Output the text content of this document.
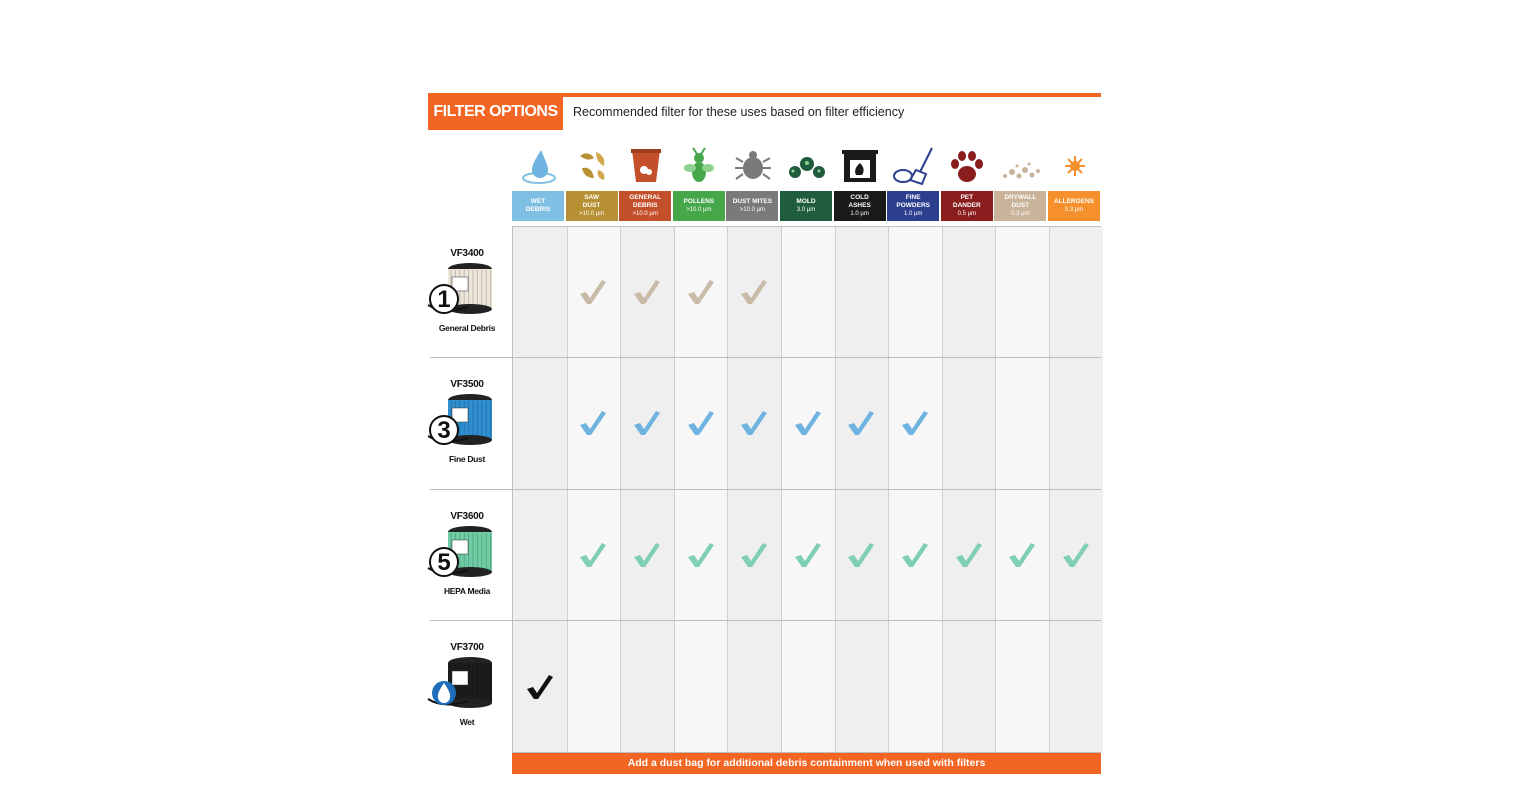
FILTER OPTIONS	Recommended filter for these uses based on filter efficiency
WET
DEBRIS
SAW
DUST
>10.0 µm
GENERAL
DEBRIS
>10.0 µm
POLLENS
>10.0 µm
DUST MITES
>10.0 µm
MOLD
3.0 µm
COLD
ASHES
1.0 µm
FINE
POWDERS
1.0 µm
PET
DANDER
0.5 µm
DRYWALL
DUST
0.3 µm
ALLERGENS
0.3 µm
VF3400
1
General Debris
VF3500
3
Fine Dust
VF3600
5
HEPA Media
VF3700
Wet
Add a dust bag for additional debris containment when used with filters
